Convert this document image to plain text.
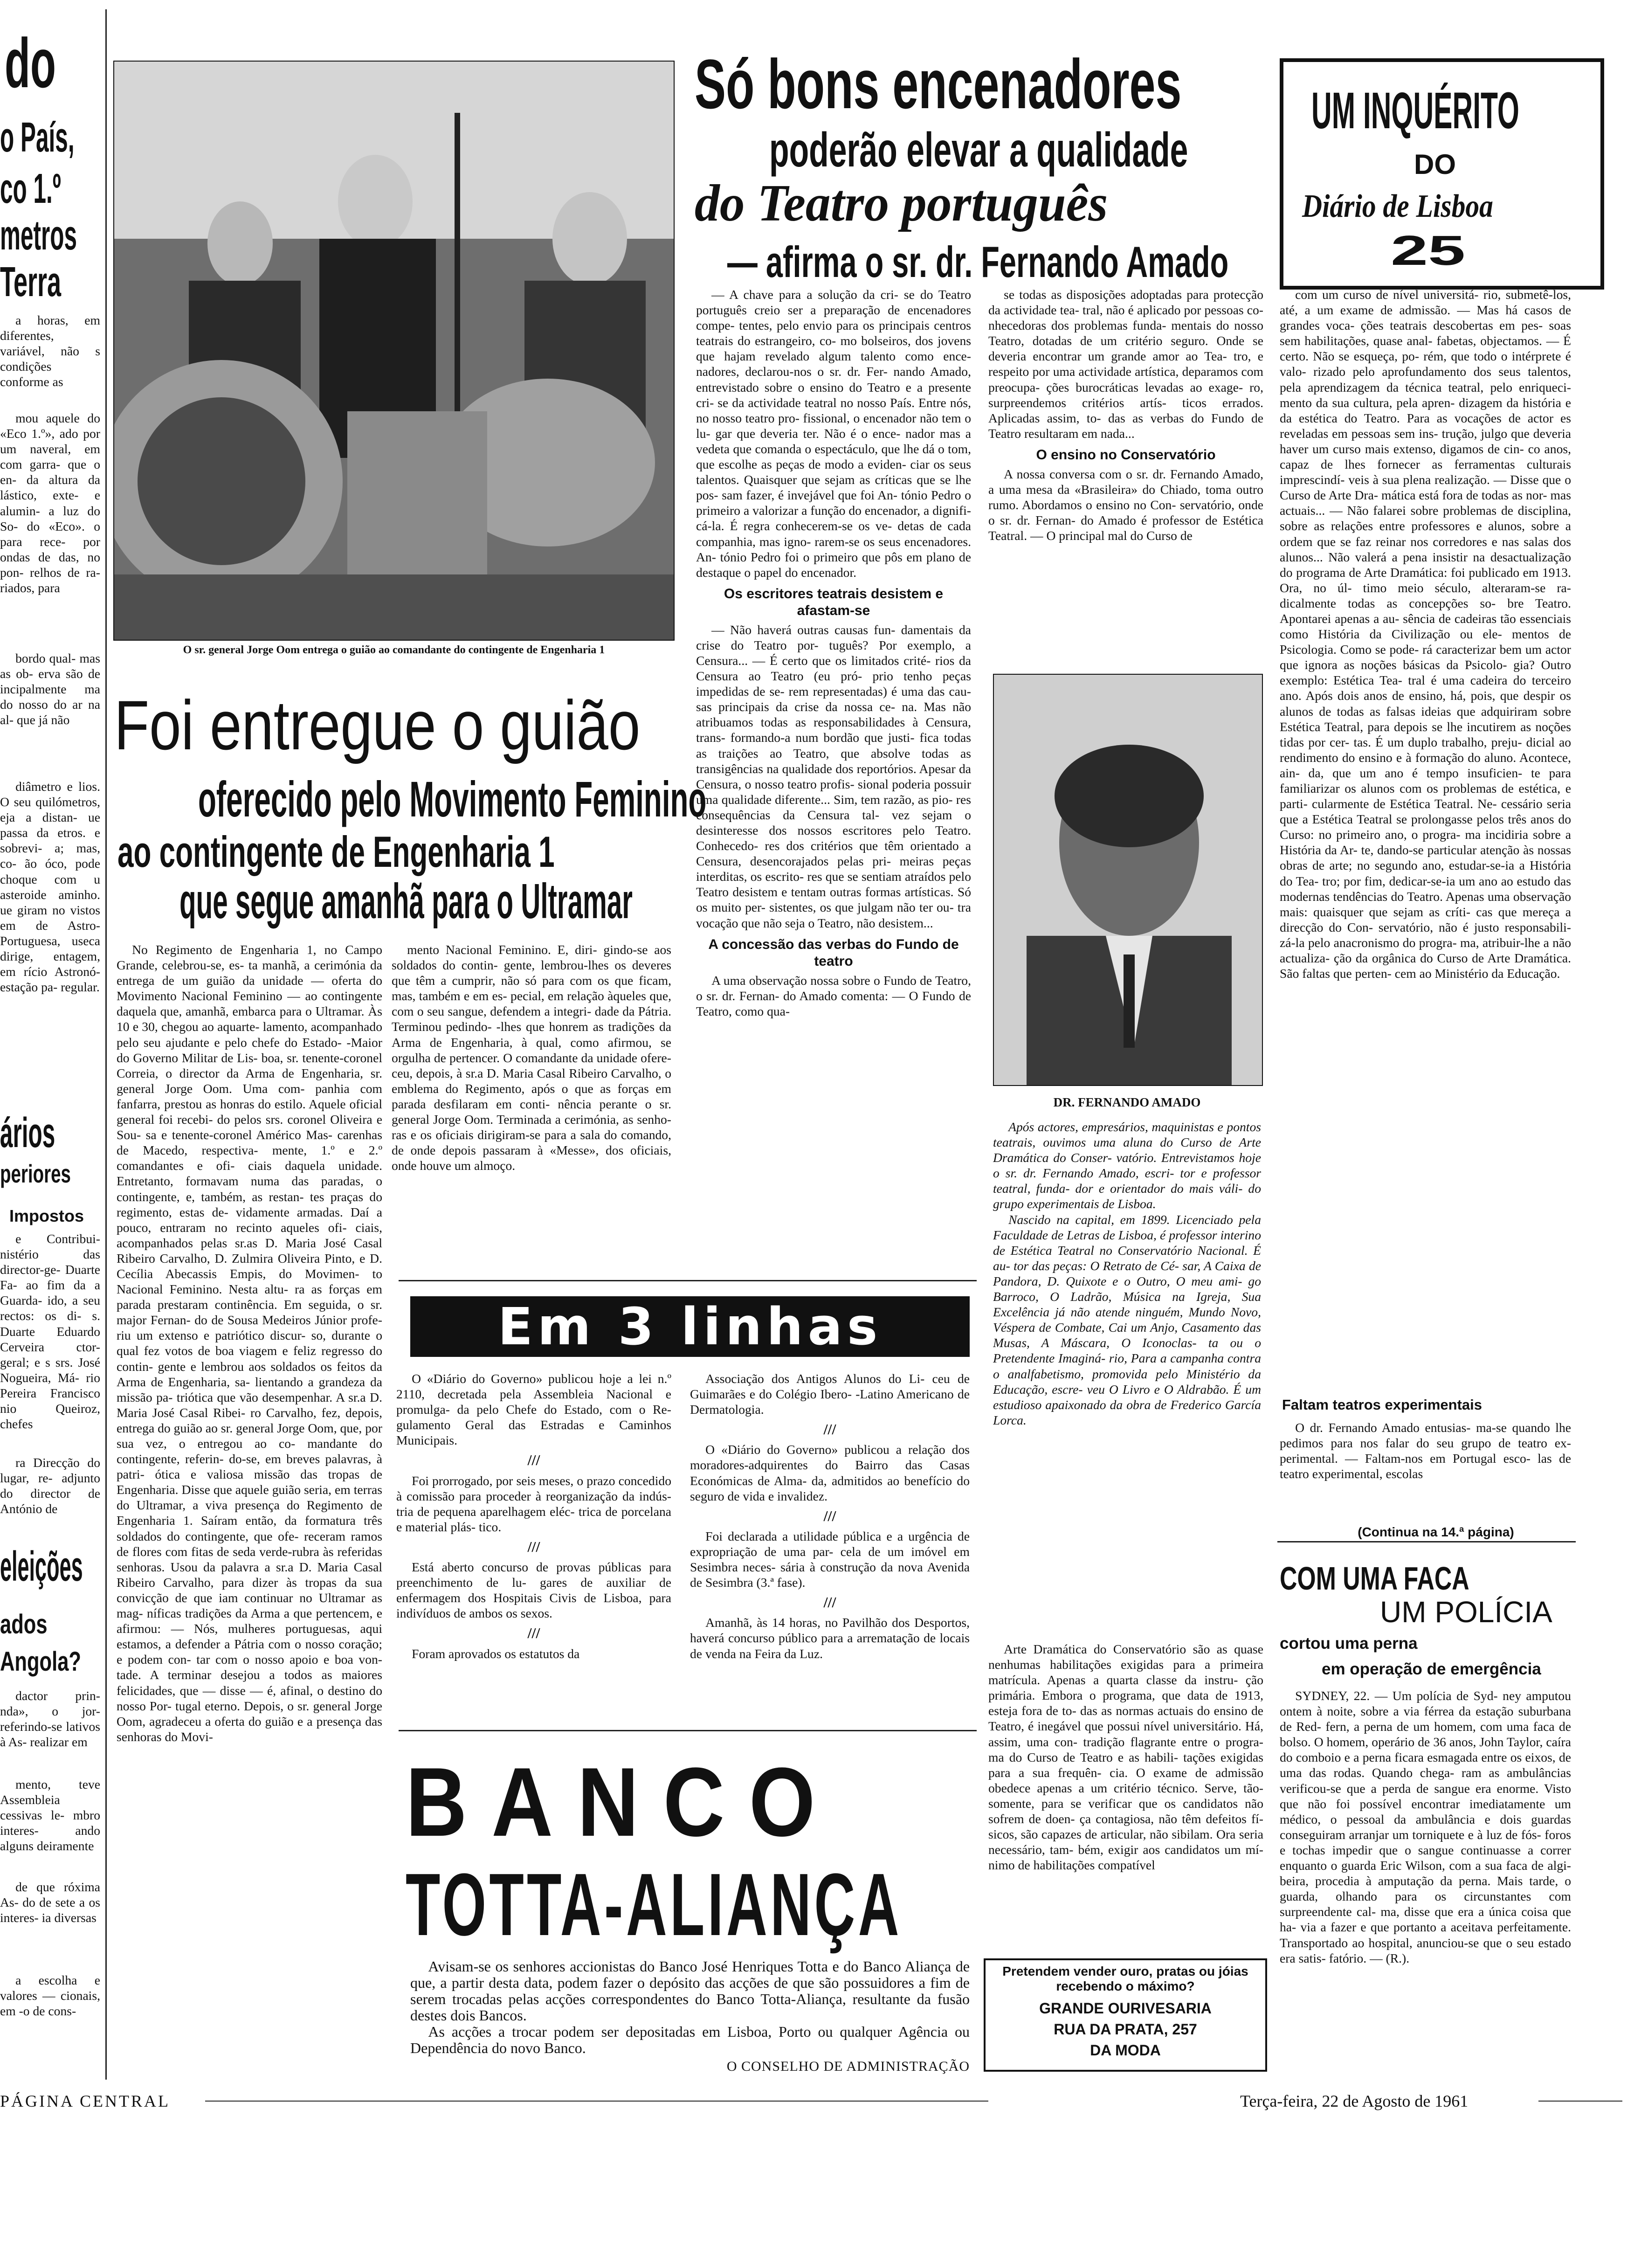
do
o País,
co 1.º
metros
Terra

a horas, em diferentes, variável, não s condições conforme as

mou aquele do «Eco 1.º», ado por um naveral, em com garra- que o en- da altura da lástico, exte- e alumin- a luz do So- do «Eco». o para rece- por ondas de das, no pon- relhos de ra- riados, para

bordo qual- mas as ob- erva são de incipalmente ma do nosso do ar na al- que já não

diâmetro e lios. O seu quilómetros, eja a distan- ue passa da etros. e sobrevi- a; mas, co- ão óco, pode choque com u asteroide aminho. ue giram no vistos em de Astro- Portuguesa, useca dirige, entagem, em rício Astronó- estação pa- regular.

ários
periores
Impostos

e Contribui- nistério das director-ge- Duarte Fa- ao fim da a Guarda- ido, a seu rectos: os di- s. Duarte Eduardo Cerveira ctor-geral; e s srs. José Nogueira, Má- rio Pereira Francisco nio Queiroz, chefes

ra Direcção do lugar, re- adjunto do director de António de

eleições
ados
Angola?

dactor prin- nda», o jor- referindo-se lativos à As- realizar em

mento, teve Assembleia cessivas le- mbro interes- ando alguns deiramente

de que róxima As- do de sete a os interes- ia diversas

a escolha e valores — cionais, em -o de cons-

O sr. general Jorge Oom entrega o guião ao comandante do contingente de Engenharia 1
Foi entregue o guião
oferecido pelo Movimento Feminino
ao contingente de Engenharia 1
que segue amanhã para o Ultramar

No Regimento de Engenharia 1, no Campo Grande, celebrou-se, es- ta manhã, a cerimónia da entrega de um guião da unidade — oferta do Movimento Nacional Feminino — ao contingente daquela que, amanhã, embarca para o Ultramar. Às 10 e 30, chegou ao aquarte- lamento, acompanhado pelo seu ajudante e pelo chefe do Estado- -Maior do Governo Militar de Lis- boa, sr. tenente-coronel Correia, o director da Arma de Engenharia, sr. general Jorge Oom. Uma com- panhia com fanfarra, prestou as honras do estilo. Aquele oficial general foi recebi- do pelos srs. coronel Oliveira e Sou- sa e tenente-coronel Américo Mas- carenhas de Macedo, respectiva- mente, 1.º e 2.º comandantes e ofi- ciais daquela unidade. Entretanto, formavam numa das paradas, o contingente, e, também, as restan- tes praças do regimento, estas de- vidamente armadas. Daí a pouco, entraram no recinto aqueles ofi- ciais, acompanhados pelas sr.as D. Maria José Casal Ribeiro Carvalho, D. Zulmira Oliveira Pinto, e D. Cecília Abecassis Empis, do Movimen- to Nacional Feminino. Nesta altu- ra as forças em parada prestaram continência. Em seguida, o sr. major Fernan- do de Sousa Medeiros Júnior profe- riu um extenso e patriótico discur- so, durante o qual fez votos de boa viagem e feliz regresso do contin- gente e lembrou aos soldados os feitos da Arma de Engenharia, sa- lientando a grandeza da missão pa- triótica que vão desempenhar. A sr.a D. Maria José Casal Ribei- ro Carvalho, fez, depois, entrega do guião ao sr. general Jorge Oom, que, por sua vez, o entregou ao co- mandante do contingente, referin- do-se, em breves palavras, à patri- ótica e valiosa missão das tropas de Engenharia. Disse que aquele guião seria, em terras do Ultramar, a viva presença do Regimento de Engenharia 1. Saíram então, da formatura três soldados do contingente, que ofe- receram ramos de flores com fitas de seda verde-rubra às referidas senhoras. Usou da palavra a sr.a D. Maria Casal Ribeiro Carvalho, para dizer às tropas da sua convicção de que iam continuar no Ultramar as mag- níficas tradições da Arma a que pertencem, e afirmou: — Nós, mulheres portuguesas, aqui estamos, a defender a Pátria com o nosso coração; e podem con- tar com o nosso apoio e boa von- tade. A terminar desejou a todos as maiores felicidades, que — disse — é, afinal, o destino do nosso Por- tugal eterno. Depois, o sr. general Jorge Oom, agradeceu a oferta do guião e a presença das senhoras do Movi-

mento Nacional Feminino. E, diri- gindo-se aos soldados do contin- gente, lembrou-lhes os deveres que têm a cumprir, não só para com os que ficam, mas, também e em es- pecial, em relação àqueles que, com o seu sangue, defendem a integri- dade da Pátria. Terminou pedindo- -lhes que honrem as tradições da Arma de Engenharia, à qual, como afirmou, se orgulha de pertencer. O comandante da unidade ofere- ceu, depois, à sr.a D. Maria Casal Ribeiro Carvalho, o emblema do Regimento, após o que as forças em parada desfilaram em conti- nência perante o sr. general Jorge Oom. Terminada a cerimónia, as senho- ras e os oficiais dirigiram-se para a sala do comando, de onde depois passaram à «Messe», dos oficiais, onde houve um almoço.

Só bons encenadores
poderão elevar a qualidade
do Teatro português
— afirma o sr. dr. Fernando Amado

— A chave para a solução da cri- se do Teatro português creio ser a preparação de encenadores compe- tentes, pelo envio para os principais centros teatrais do estrangeiro, co- mo bolseiros, dos jovens que hajam revelado algum talento como ence- nadores, declarou-nos o sr. dr. Fer- nando Amado, entrevistado sobre o ensino do Teatro e a presente cri- se da actividade teatral no nosso País. Entre nós, no nosso teatro pro- fissional, o encenador não tem o lu- gar que deveria ter. Não é o ence- nador mas a vedeta que comanda o espectáculo, que lhe dá o tom, que escolhe as peças de modo a eviden- ciar os seus talentos. Quaisquer que sejam as críticas que se lhe pos- sam fazer, é invejável que foi An- tónio Pedro o primeiro a valorizar a função do encenador, a dignifi- cá-la. É regra conhecerem-se os ve- detas de cada companhia, mas igno- rarem-se os seus encenadores. An- tónio Pedro foi o primeiro que pôs em plano de destaque o papel do encenador.

Os escritores teatrais desistem e afastam-se

— Não haverá outras causas fun- damentais da crise do Teatro por- tuguês? Por exemplo, a Censura... — É certo que os limitados crité- rios da Censura ao Teatro (eu pró- prio tenho peças impedidas de se- rem representadas) é uma das cau- sas principais da crise da nossa ce- na. Mas não atribuamos todas as responsabilidades à Censura, trans- formando-a num bordão que justi- fica todas as traições ao Teatro, que absolve todas as transigências na qualidade dos reportórios. Apesar da Censura, o nosso teatro profis- sional poderia possuir uma qualidade diferente... Sim, tem razão, as pio- res consequências da Censura tal- vez sejam o desinteresse dos nossos escritores pelo Teatro. Conhecedo- res dos critérios que têm orientado a Censura, desencorajados pelas pri- meiras peças interditas, os escrito- res que se sentiam atraídos pelo Teatro desistem e tentam outras formas artísticas. Só os muito per- sistentes, os que julgam não ter ou- tra vocação que não seja o Teatro, não desistem...

A concessão das verbas do Fundo de teatro

A uma observação nossa sobre o Fundo de Teatro, o sr. dr. Fernan- do Amado comenta: — O Fundo de Teatro, como qua-

se todas as disposições adoptadas para protecção da actividade tea- tral, não é aplicado por pessoas co- nhecedoras dos problemas funda- mentais do nosso Teatro, dotadas de um critério seguro. Onde se deveria encontrar um grande amor ao Tea- tro, e respeito por uma actividade artística, deparamos com preocupa- ções burocráticas levadas ao exage- ro, surpreendemos critérios artís- ticos errados. Aplicadas assim, to- das as verbas do Fundo de Teatro resultaram em nada...

O ensino no Conservatório

A nossa conversa com o sr. dr. Fernando Amado, a uma mesa da «Brasileira» do Chiado, toma outro rumo. Abordamos o ensino no Con- servatório, onde o sr. dr. Fernan- do Amado é professor de Estética Teatral. — O principal mal do Curso de

DR. FERNANDO AMADO

Após actores, empresários, maquinistas e pontos teatrais, ouvimos uma aluna do Curso de Arte Dramática do Conser- vatório. Entrevistamos hoje o sr. dr. Fernando Amado, escri- tor e professor teatral, funda- dor e orientador do mais váli- do grupo experimentais de Lisboa.

Nascido na capital, em 1899. Licenciado pela Faculdade de Letras de Lisboa, é professor interino de Estética Teatral no Conservatório Nacional. É au- tor das peças: O Retrato de Cé- sar, A Caixa de Pandora, D. Quixote e o Outro, O meu ami- go Barroco, O Ladrão, Música na Igreja, Sua Excelência já não atende ninguém, Mundo Novo, Véspera de Combate, Cai um Anjo, Casamento das Musas, A Máscara, O Iconoclas- ta ou o Pretendente Imaginá- rio, Para a campanha contra o analfabetismo, promovida pelo Ministério da Educação, escre- veu O Livro e O Aldrabão. É um estudioso apaixonado da obra de Frederico García Lorca.

Arte Dramática do Conservatório são as quase nenhumas habilitações exigidas para a primeira matrícula. Apenas a quarta classe da instru- ção primária. Embora o programa, que data de 1913, esteja fora de to- das as normas actuais do ensino de Teatro, é inegável que possui nível universitário. Há, assim, uma con- tradição flagrante entre o progra- ma do Curso de Teatro e as habili- tações exigidas para a sua frequên- cia. O exame de admissão obedece apenas a um critério técnico. Serve, tão-somente, para se verificar que os candidatos não sofrem de doen- ça contagiosa, não têm defeitos fí- sicos, são capazes de articular, não sibilam. Ora seria necessário, tam- bém, exigir aos candidatos um mí- nimo de habilitações compatível

UM INQUÉRITO
DO
Diário de Lisboa
25

com um curso de nível universitá- rio, submetê-los, até, a um exame de admissão. — Mas há casos de grandes voca- ções teatrais descobertas em pes- soas sem habilitações, quase anal- fabetas, objectamos. — É certo. Não se esqueça, po- rém, que todo o intérprete é valo- rizado pelo aprofundamento dos seus talentos, pela aprendizagem da técnica teatral, pelo enriqueci- mento da sua cultura, pela apren- dizagem da história e da estética do Teatro. Para as vocações de actor es reveladas em pessoas sem ins- trução, julgo que deveria haver um curso mais extenso, digamos de cin- co anos, capaz de lhes fornecer as ferramentas culturais imprescindí- veis à sua plena realização. — Disse que o Curso de Arte Dra- mática está fora de todas as nor- mas actuais... — Não falarei sobre problemas de disciplina, sobre as relações entre professores e alunos, sobre a ordem que se faz reinar nos corredores e nas salas dos alunos... Não valerá a pena insistir na desactualização do programa de Arte Dramática: foi publicado em 1913. Ora, no úl- timo meio século, alteraram-se ra- dicalmente todas as concepções so- bre Teatro. Apontarei apenas a au- sência de cadeiras tão essenciais como História da Civilização ou ele- mentos de Psicologia. Como se pode- rá caracterizar bem um actor que ignora as noções básicas da Psicolo- gia? Outro exemplo: Estética Tea- tral é uma cadeira do terceiro ano. Após dois anos de ensino, há, pois, que despir os alunos de todas as falsas ideias que adquiriram sobre Estética Teatral, para depois se lhe incutirem as noções tidas por cer- tas. É um duplo trabalho, preju- dicial ao rendimento do ensino e à formação do aluno. Acontece, ain- da, que um ano é tempo insuficien- te para familiarizar os alunos com os problemas de estética, e parti- cularmente de Estética Teatral. Ne- cessário seria que a Estética Teatral se prolongasse pelos três anos do Curso: no primeiro ano, o progra- ma incidiria sobre a História da Ar- te, dando-se particular atenção às nossas obras de arte; no segundo ano, estudar-se-ia a História do Tea- tro; por fim, dedicar-se-ia um ano ao estudo das modernas tendências do Teatro. Apenas uma observação mais: quaisquer que sejam as críti- cas que mereça a direcção do Con- servatório, não é justo responsabili- zá-la pelo anacronismo do progra- ma, atribuir-lhe a não actualiza- ção da orgânica do Curso de Arte Dramática. São faltas que perten- cem ao Ministério da Educação.

Faltam teatros experimentais

O dr. Fernando Amado entusias- ma-se quando lhe pedimos para nos falar do seu grupo de teatro ex- perimental. — Faltam-nos em Portugal esco- las de teatro experimental, escolas

(Continua na 14.ª página)
COM UMA FACA
UM POLÍCIA
cortou uma perna
em operação de emergência

SYDNEY, 22. — Um polícia de Syd- ney amputou ontem à noite, sobre a via férrea da estação suburbana de Red- fern, a perna de um homem, com uma faca de bolso. O homem, operário de 36 anos, John Taylor, caíra do comboio e a perna ficara esmagada entre os eixos, de uma das rodas. Quando chega- ram as ambulâncias verificou-se que a perda de sangue era enorme. Visto que não foi possível encontrar imediatamente um médico, o pessoal da ambulância e dois guardas conseguiram arranjar um torniquete e à luz de fós- foros e tochas impedir que o sangue continuasse a correr enquanto o guarda Eric Wilson, com a sua faca de algi- beira, procedia à amputação da perna. Mais tarde, o guarda, olhando para os circunstantes com surpreendente cal- ma, disse que era a única coisa que ha- via a fazer e que portanto a aceitava perfeitamente. Transportado ao hospital, anunciou-se que o seu estado era satis- fatório. — (R.).

Em 3 linhas

O «Diário do Governo» publicou hoje a lei n.º 2110, decretada pela Assembleia Nacional e promulga- da pelo Chefe do Estado, com o Re- gulamento Geral das Estradas e Caminhos Municipais.

///

Foi prorrogado, por seis meses, o prazo concedido à comissão para proceder à reorganização da indús- tria de pequena aparelhagem eléc- trica de porcelana e material plás- tico.

///

Está aberto concurso de provas públicas para preenchimento de lu- gares de auxiliar de enfermagem dos Hospitais Civis de Lisboa, para indivíduos de ambos os sexos.

///

Foram aprovados os estatutos da

Associação dos Antigos Alunos do Li- ceu de Guimarães e do Colégio Ibero- -Latino Americano de Dermatologia.

///

O «Diário do Governo» publicou a relação dos moradores-adquirentes do Bairro das Casas Económicas de Alma- da, admitidos ao benefício do seguro de vida e invalidez.

///

Foi declarada a utilidade pública e a urgência de expropriação de uma par- cela de um imóvel em Sesimbra neces- sária à construção da nova Avenida de Sesimbra (3.ª fase).

///

Amanhã, às 14 horas, no Pavilhão dos Desportos, haverá concurso público para a arrematação de locais de venda na Feira da Luz.

BANCO
TOTTA-ALIANÇA

Avisam-se os senhores accionistas do Banco José Henriques Totta e do Banco Aliança de que, a partir desta data, podem fazer o depósito das acções de que são possuidores a fim de serem trocadas pelas acções correspondentes do Banco Totta-Aliança, resultante da fusão destes dois Bancos.

As acções a trocar podem ser depositadas em Lisboa, Porto ou qualquer Agência ou Dependência do novo Banco.

O CONSELHO DE ADMINISTRAÇÃO
Pretendem vender ouro, pratas ou jóias recebendo o máximo?
GRANDE OURIVESARIA
RUA DA PRATA, 257
DA MODA
PÁGINA CENTRAL	Terça-feira, 22 de Agosto de 1961
